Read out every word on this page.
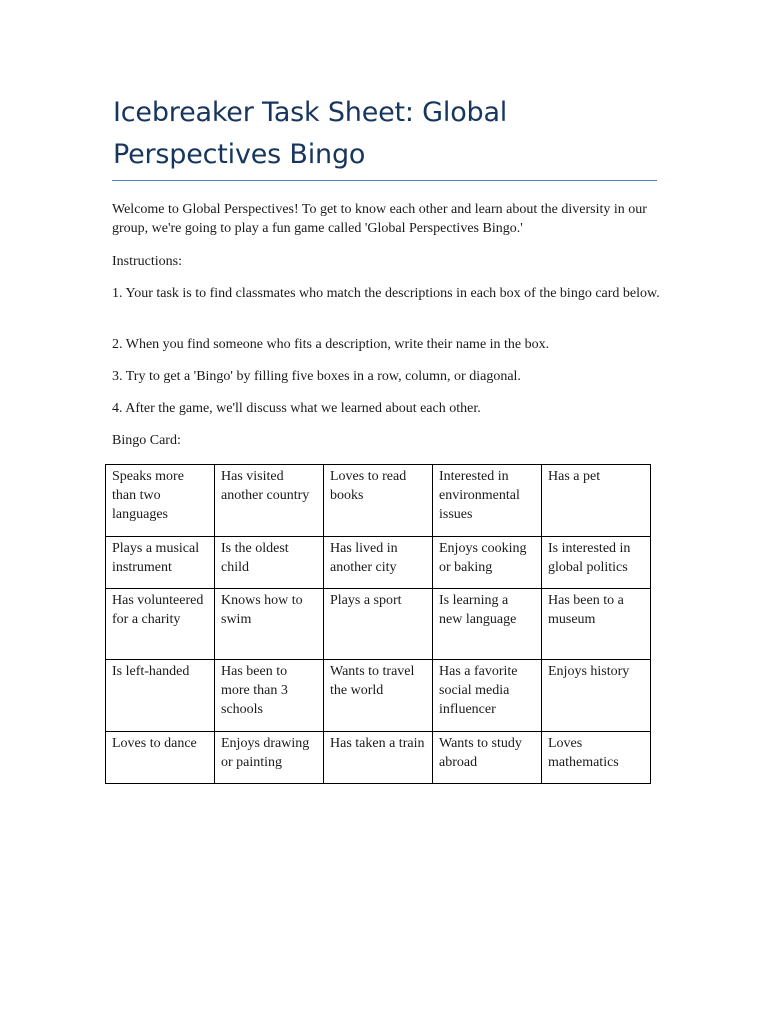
Icebreaker Task Sheet: Global Perspectives Bingo

Welcome to Global Perspectives! To get to know each other and learn about the diversity in our group, we're going to play a fun game called 'Global Perspectives Bingo.'

Instructions:

1. Your task is to find classmates who match the descriptions in each box of the bingo card below.

2. When you find someone who fits a description, write their name in the box.

3. Try to get a 'Bingo' by filling five boxes in a row, column, or diagonal.

4. After the game, we'll discuss what we learned about each other.

Bingo Card:

Speaks more than two languages	Has visited another country	Loves to read books	Interested in environmental issues	Has a pet
Plays a musical instrument	Is the oldest child	Has lived in another city	Enjoys cooking or baking	Is interested in global politics
Has volunteered for a charity	Knows how to swim	Plays a sport	Is learning a new language	Has been to a museum
Is left-handed	Has been to more than 3 schools	Wants to travel the world	Has a favorite social media influencer	Enjoys history
Loves to dance	Enjoys drawing or painting	Has taken a train	Wants to study abroad	Loves mathematics
